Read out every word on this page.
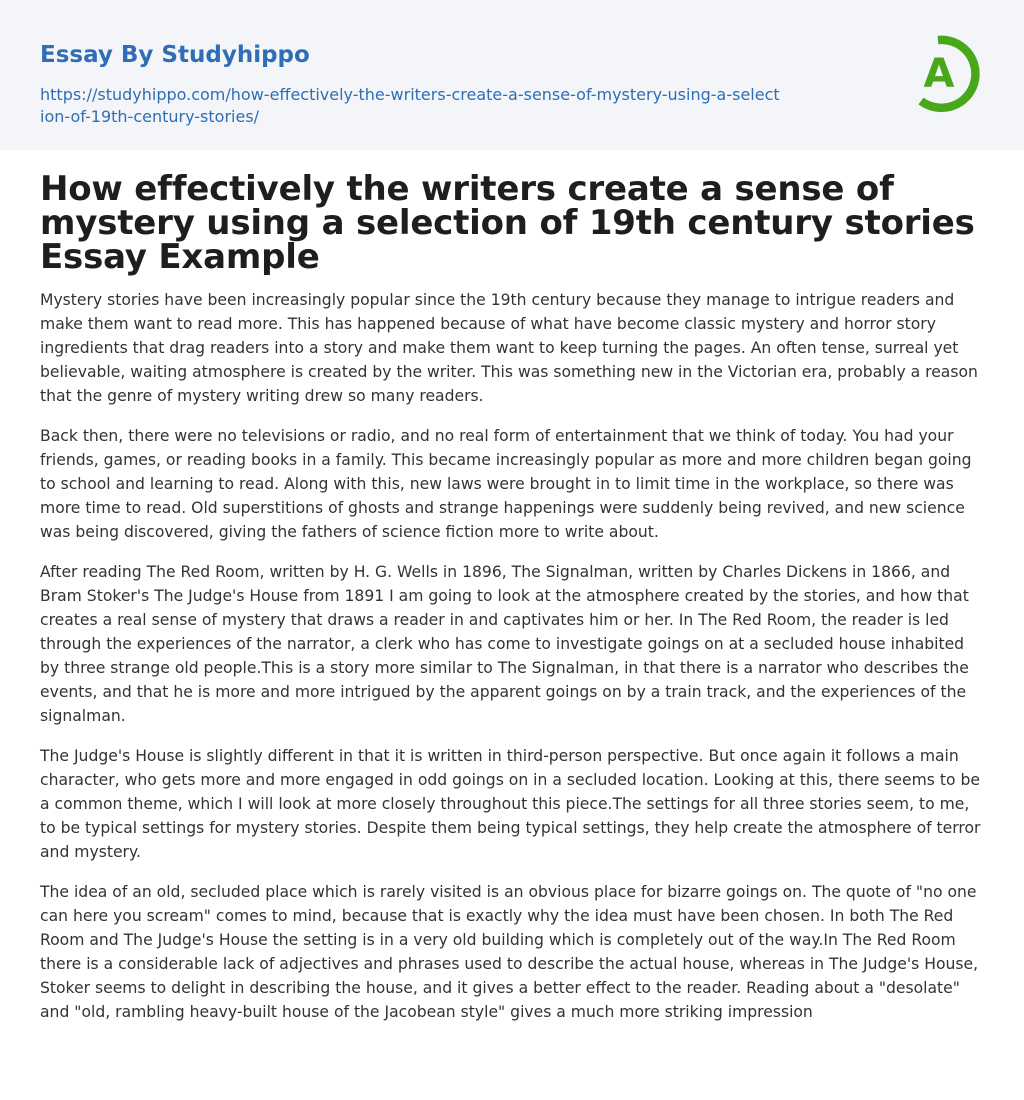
Essay By Studyhippo
https://studyhippo.com/how-effectively-the-writers-create-a-sense-of-mystery-using-a-selection-of-19th-century-stories/
A
How effectively the writers create a sense of mystery using a selection of 19th century stories Essay Example

Mystery stories have been increasingly popular since the 19th century because they manage to intrigue readers and make them want to read more. This has happened because of what have become classic mystery and horror story ingredients that drag readers into a story and make them want to keep turning the pages. An often tense, surreal yet believable, waiting atmosphere is created by the writer. This was something new in the Victorian era, probably a reason that the genre of mystery writing drew so many readers.

Back then, there were no televisions or radio, and no real form of entertainment that we think of today. You had your friends, games, or reading books in a family. This became increasingly popular as more and more children began going to school and learning to read. Along with this, new laws were brought in to limit time in the workplace, so there was more time to read. Old superstitions of ghosts and strange happenings were suddenly being revived, and new science was being discovered, giving the fathers of science fiction more to write about.

After reading The Red Room, written by H. G. Wells in 1896, The Signalman, written by Charles Dickens in 1866, and Bram Stoker's The Judge's House from 1891 I am going to look at the atmosphere created by the stories, and how that creates a real sense of mystery that draws a reader in and captivates him or her. In The Red Room, the reader is led through the experiences of the narrator, a clerk who has come to investigate goings on at a secluded house inhabited by three strange old people.This is a story more similar to The Signalman, in that there is a narrator who describes the events, and that he is more and more intrigued by the apparent goings on by a train track, and the experiences of the signalman.

The Judge's House is slightly different in that it is written in third-person perspective. But once again it follows a main character, who gets more and more engaged in odd goings on in a secluded location. Looking at this, there seems to be a common theme, which I will look at more closely throughout this piece.The settings for all three stories seem, to me, to be typical settings for mystery stories. Despite them being typical settings, they help create the atmosphere of terror and mystery.

The idea of an old, secluded place which is rarely visited is an obvious place for bizarre goings on. The quote of "no one can here you scream" comes to mind, because that is exactly why the idea must have been chosen. In both The Red Room and The Judge's House the setting is in a very old building which is completely out of the way.In The Red Room there is a considerable lack of adjectives and phrases used to describe the actual house, whereas in The Judge's House, Stoker seems to delight in describing the house, and it gives a better effect to the reader. Reading about a "desolate" and "old, rambling heavy-built house of the Jacobean style" gives a much more striking impression
